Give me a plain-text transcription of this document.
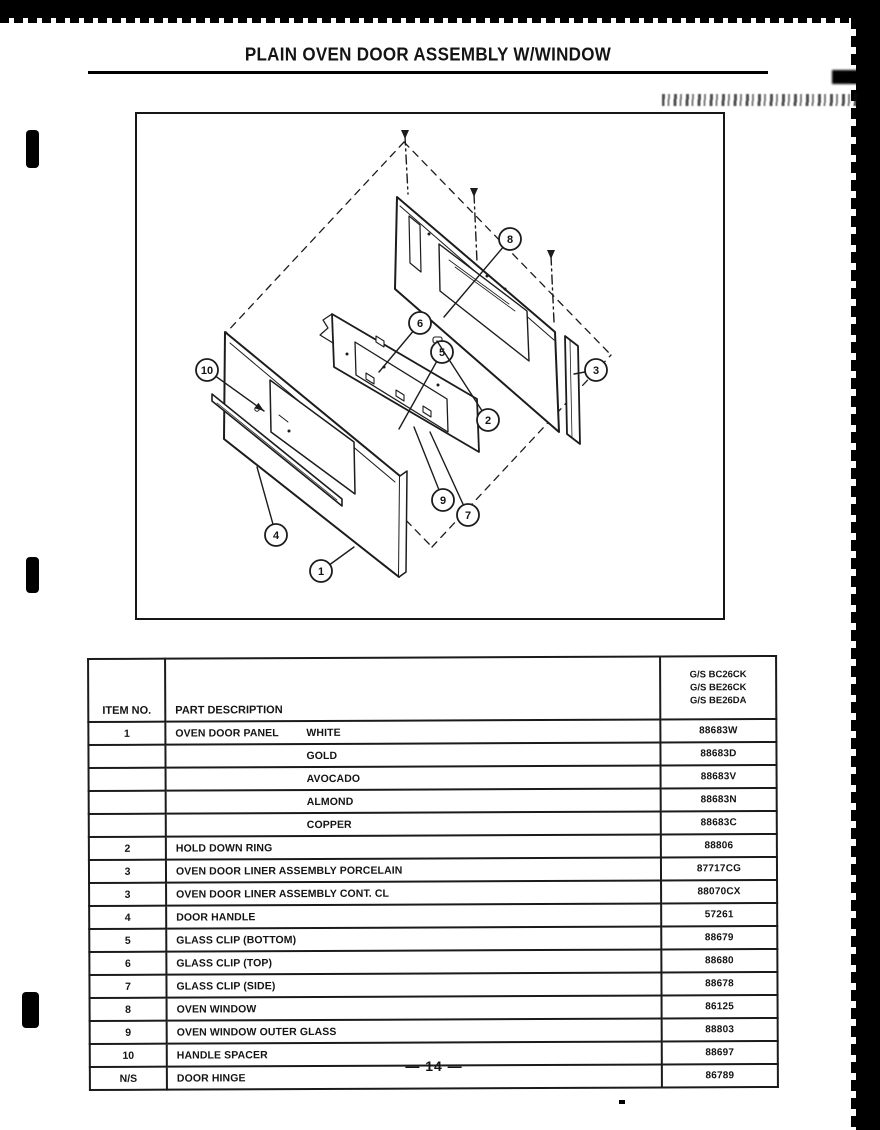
PLAIN OVEN DOOR ASSEMBLY W/WINDOW
8
6
5
3
2
10
4
9
7
1
ITEM NO.	PART DESCRIPTION	G/S BC26CK
G/S BE26CK
G/S BE26DA

1	OVEN DOOR PANEL WHITE	88683W

	GOLD	88683D

	AVOCADO	88683V

	ALMOND	88683N

	COPPER	88683C
2	HOLD DOWN RING	88806
3	OVEN DOOR LINER ASSEMBLY PORCELAIN	87717CG
3	OVEN DOOR LINER ASSEMBLY CONT. CL	88070CX
4	DOOR HANDLE	57261
5	GLASS CLIP (BOTTOM)	88679
6	GLASS CLIP (TOP)	88680
7	GLASS CLIP (SIDE)	88678
8	OVEN WINDOW	86125
9	OVEN WINDOW OUTER GLASS	88803
10	HANDLE SPACER	88697
N/S	DOOR HINGE	86789
— 14 —
